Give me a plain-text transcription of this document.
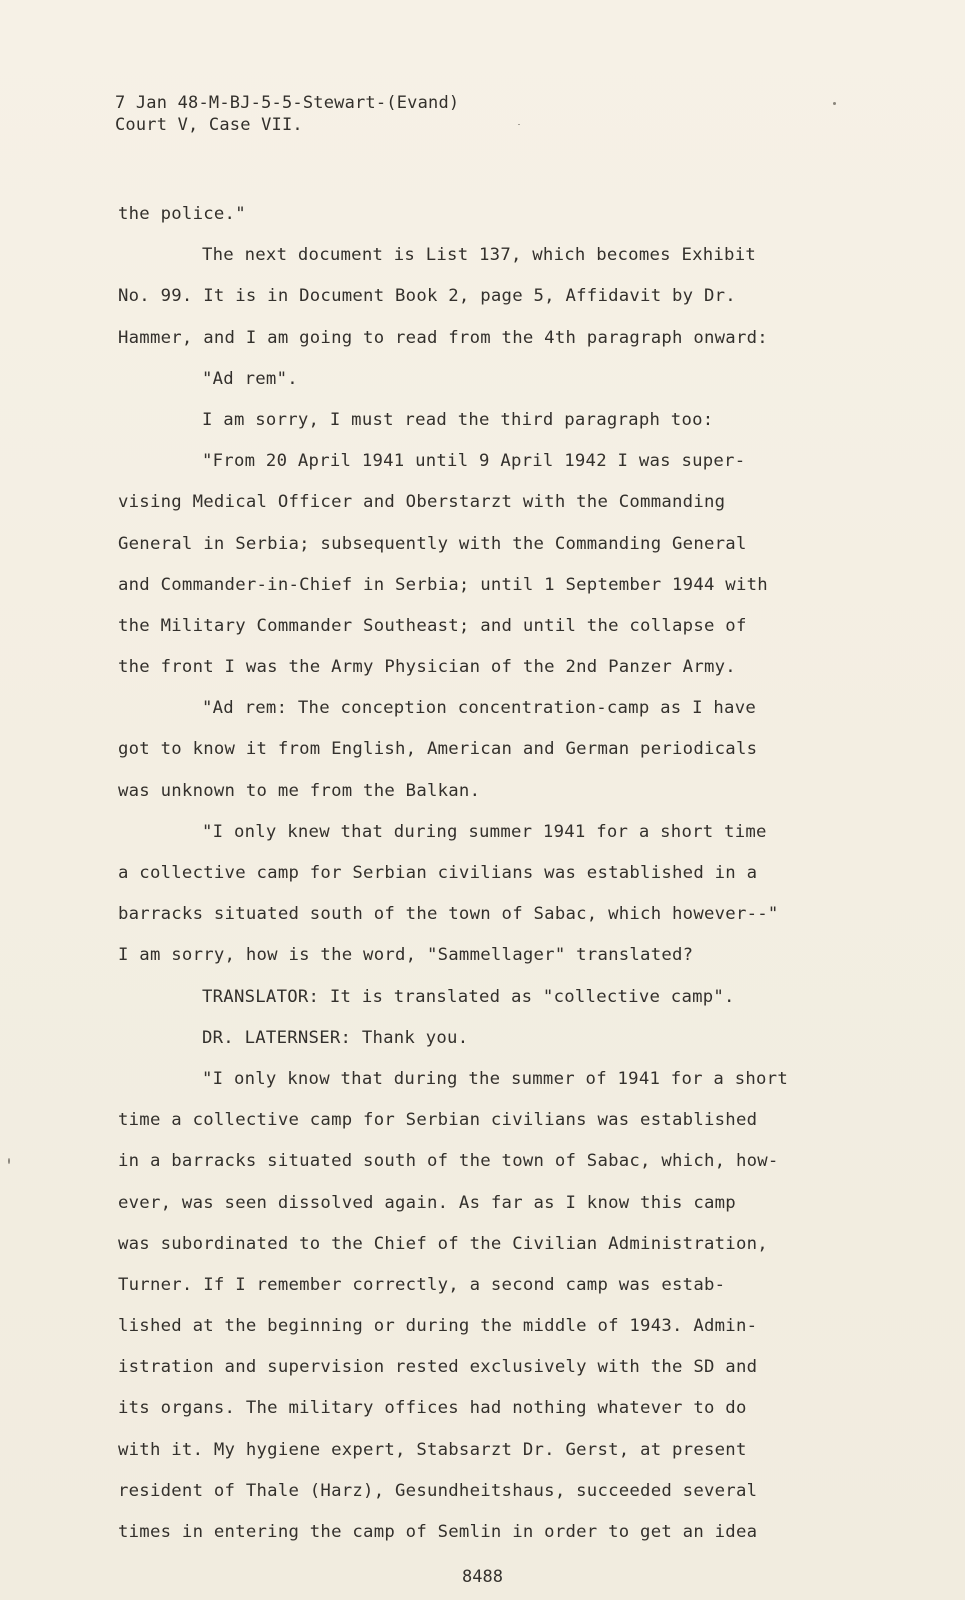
7 Jan 48-M-BJ-5-5-Stewart-(Evand)
Court V, Case VII.
the police."
The next document is List 137, which becomes Exhibit
No. 99. It is in Document Book 2, page 5, Affidavit by Dr.
Hammer, and I am going to read from the 4th paragraph onward:
"Ad rem".
I am sorry, I must read the third paragraph too:
"From 20 April 1941 until 9 April 1942 I was super-
vising Medical Officer and Oberstarzt with the Commanding
General in Serbia; subsequently with the Commanding General
and Commander-in-Chief in Serbia; until 1 September 1944 with
the Military Commander Southeast; and until the collapse of
the front I was the Army Physician of the 2nd Panzer Army.
"Ad rem: The conception concentration-camp as I have
got to know it from English, American and German periodicals
was unknown to me from the Balkan.
"I only knew that during summer 1941 for a short time
a collective camp for Serbian civilians was established in a
barracks situated south of the town of Sabac, which however--"
I am sorry, how is the word, "Sammellager" translated?
TRANSLATOR: It is translated as "collective camp".
DR. LATERNSER: Thank you.
"I only know that during the summer of 1941 for a short
time a collective camp for Serbian civilians was established
in a barracks situated south of the town of Sabac, which, how-
ever, was seen dissolved again. As far as I know this camp
was subordinated to the Chief of the Civilian Administration,
Turner. If I remember correctly, a second camp was estab-
lished at the beginning or during the middle of 1943. Admin-
istration and supervision rested exclusively with the SD and
its organs. The military offices had nothing whatever to do
with it. My hygiene expert, Stabsarzt Dr. Gerst, at present
resident of Thale (Harz), Gesundheitshaus, succeeded several
times in entering the camp of Semlin in order to get an idea
8488
